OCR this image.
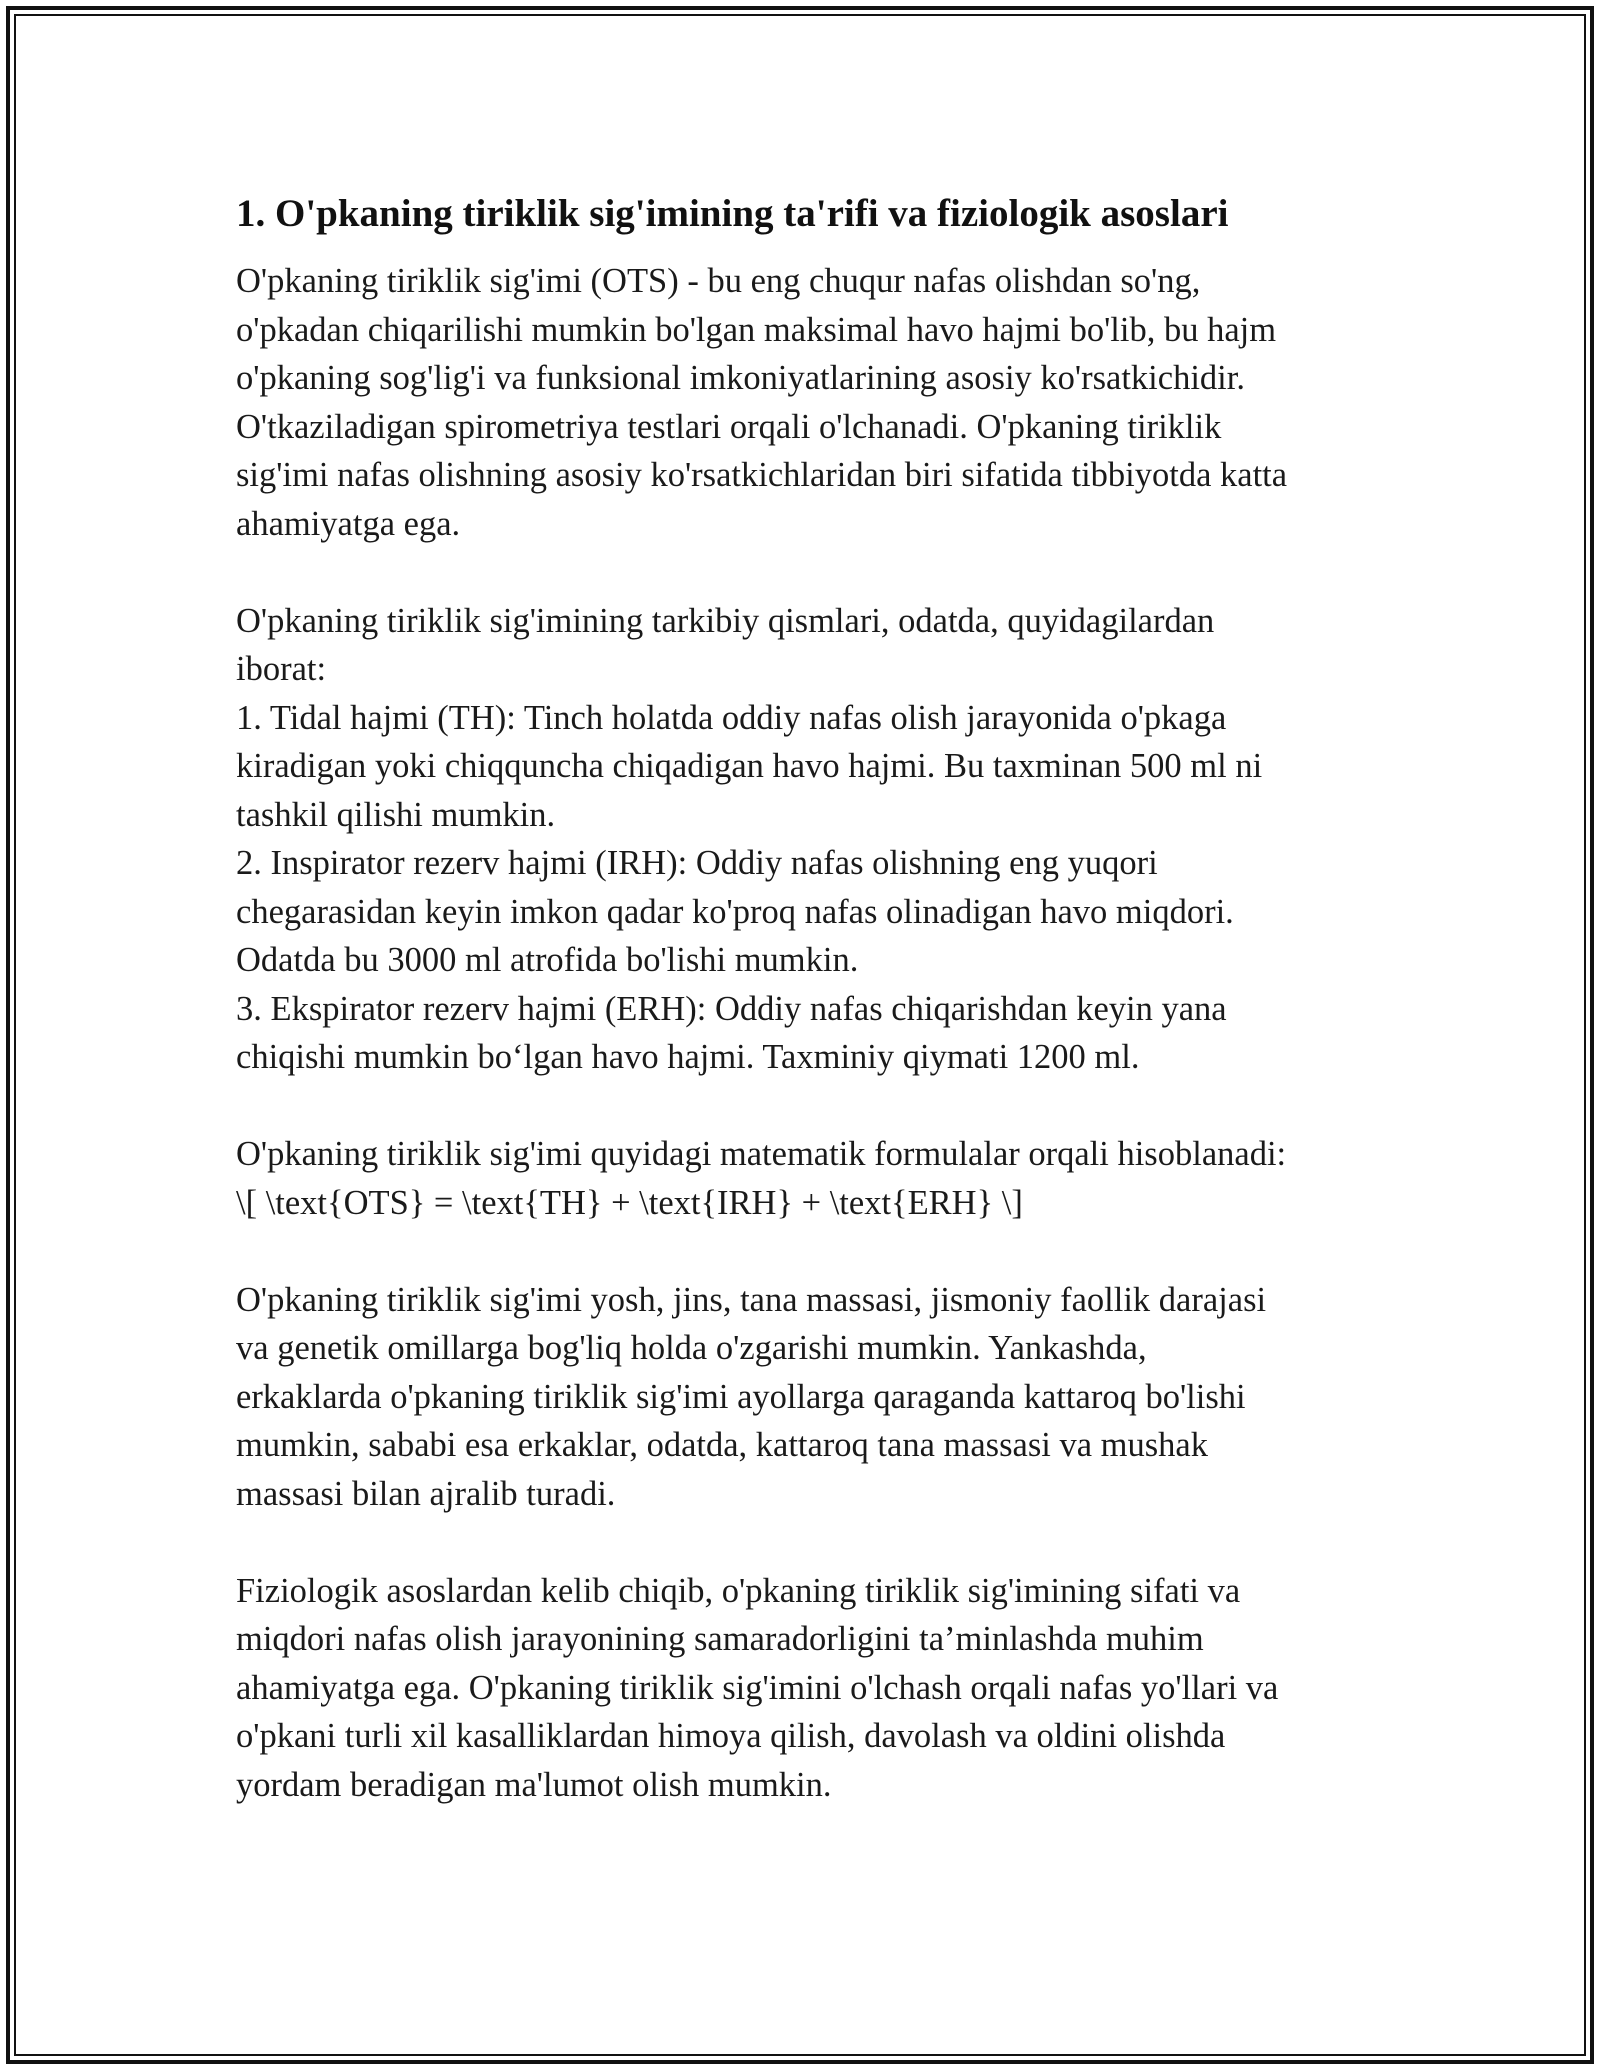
1. O'pkaning tiriklik sig'imining ta'rifi va fiziologik asoslari

O'pkaning tiriklik sig'imi (OTS) - bu eng chuqur nafas olishdan so'ng,
o'pkadan chiqarilishi mumkin bo'lgan maksimal havo hajmi bo'lib, bu hajm
o'pkaning sog'lig'i va funksional imkoniyatlarining asosiy ko'rsatkichidir.
O'tkaziladigan spirometriya testlari orqali o'lchanadi. O'pkaning tiriklik
sig'imi nafas olishning asosiy ko'rsatkichlaridan biri sifatida tibbiyotda katta
ahamiyatga ega.

O'pkaning tiriklik sig'imining tarkibiy qismlari, odatda, quyidagilardan
iborat:
1. Tidal hajmi (TH): Tinch holatda oddiy nafas olish jarayonida o'pkaga
kiradigan yoki chiqquncha chiqadigan havo hajmi. Bu taxminan 500 ml ni
tashkil qilishi mumkin.
2. Inspirator rezerv hajmi (IRH): Oddiy nafas olishning eng yuqori
chegarasidan keyin imkon qadar ko'proq nafas olinadigan havo miqdori.
Odatda bu 3000 ml atrofida bo'lishi mumkin.
3. Ekspirator rezerv hajmi (ERH): Oddiy nafas chiqarishdan keyin yana
chiqishi mumkin bo‘lgan havo hajmi. Taxminiy qiymati 1200 ml.

O'pkaning tiriklik sig'imi quyidagi matematik formulalar orqali hisoblanadi:
\[ \text{OTS} = \text{TH} + \text{IRH} + \text{ERH} \]

O'pkaning tiriklik sig'imi yosh, jins, tana massasi, jismoniy faollik darajasi
va genetik omillarga bog'liq holda o'zgarishi mumkin. Yankashda,
erkaklarda o'pkaning tiriklik sig'imi ayollarga qaraganda kattaroq bo'lishi
mumkin, sababi esa erkaklar, odatda, kattaroq tana massasi va mushak
massasi bilan ajralib turadi.

Fiziologik asoslardan kelib chiqib, o'pkaning tiriklik sig'imining sifati va
miqdori nafas olish jarayonining samaradorligini ta’minlashda muhim
ahamiyatga ega. O'pkaning tiriklik sig'imini o'lchash orqali nafas yo'llari va
o'pkani turli xil kasalliklardan himoya qilish, davolash va oldini olishda
yordam beradigan ma'lumot olish mumkin.
